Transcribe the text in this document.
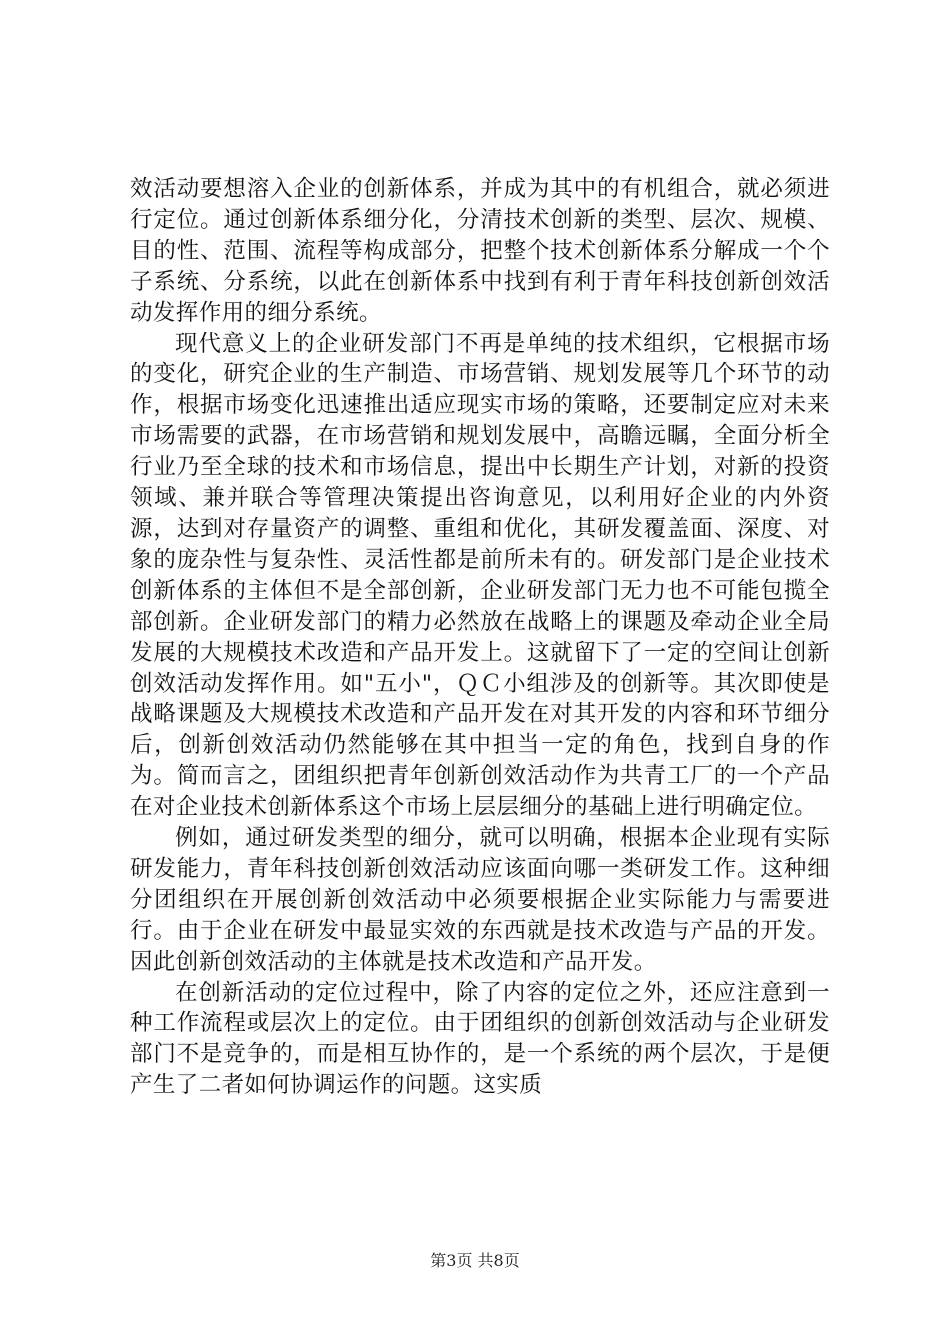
效活动要想溶入企业的创新体系，并成为其中的有机组合，就必须进行定位。通过创新体系细分化，分清技术创新的类型、层次、规模、目的性、范围、流程等构成部分，把整个技术创新体系分解成一个个子系统、分系统，以此在创新体系中找到有利于青年科技创新创效活动发挥作用的细分系统。

现代意义上的企业研发部门不再是单纯的技术组织，它根据市场的变化，研究企业的生产制造、市场营销、规划发展等几个环节的动作，根据市场变化迅速推出适应现实市场的策略，还要制定应对未来市场需要的武器，在市场营销和规划发展中，高瞻远瞩，全面分析全行业乃至全球的技术和市场信息，提出中长期生产计划，对新的投资领域、兼并联合等管理决策提出咨询意见，以利用好企业的内外资源，达到对存量资产的调整、重组和优化，其研发覆盖面、深度、对象的庞杂性与复杂性、灵活性都是前所未有的。研发部门是企业技术创新体系的主体但不是全部创新，企业研发部门无力也不可能包揽全部创新。企业研发部门的精力必然放在战略上的课题及牵动企业全局发展的大规模技术改造和产品开发上。这就留下了一定的空间让创新创效活动发挥作用。如"五小"，ＱＣ小组涉及的创新等。其次即使是战略课题及大规模技术改造和产品开发在对其开发的内容和环节细分后，创新创效活动仍然能够在其中担当一定的角色，找到自身的作为。简而言之，团组织把青年创新创效活动作为共青工厂的一个产品在对企业技术创新体系这个市场上层层细分的基础上进行明确定位。

例如，通过研发类型的细分，就可以明确，根据本企业现有实际研发能力，青年科技创新创效活动应该面向哪一类研发工作。这种细分团组织在开展创新创效活动中必须要根据企业实际能力与需要进行。由于企业在研发中最显实效的东西就是技术改造与产品的开发。因此创新创效活动的主体就是技术改造和产品开发。

在创新活动的定位过程中，除了内容的定位之外，还应注意到一种工作流程或层次上的定位。由于团组织的创新创效活动与企业研发部门不是竞争的，而是相互协作的，是一个系统的两个层次，于是便产生了二者如何协调运作的问题。这实质

第3页 共8页
